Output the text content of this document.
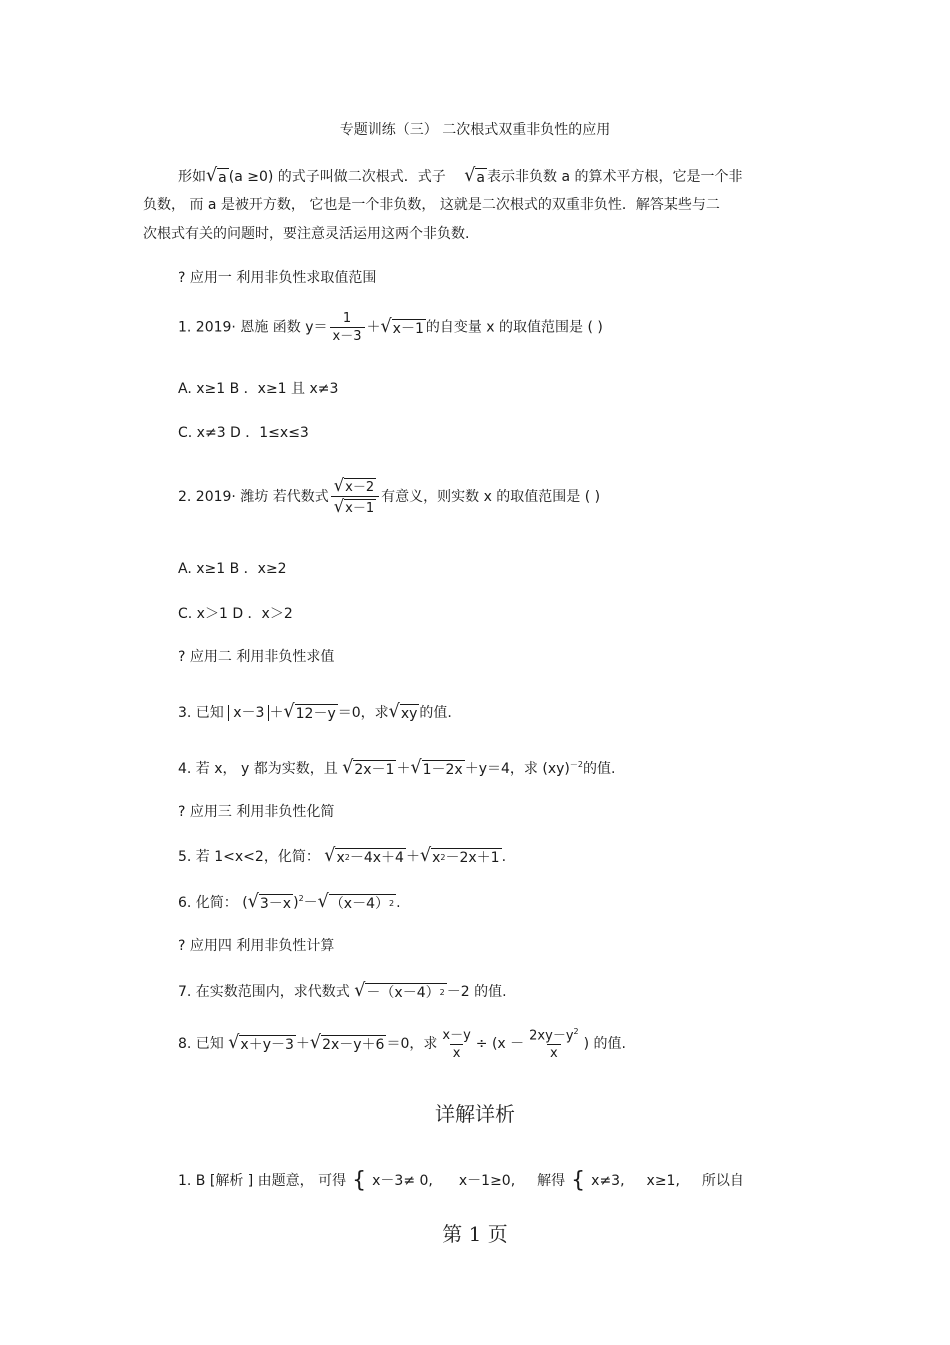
专题训练（三） 二次根式双重非负性的应用
形如 √ a (a ≥0) 的式子叫做二次根式．式子 √ a 表示非负数 a 的算术平方根，它是一个非
负数， 而 a 是被开方数， 它也是一个非负数， 这就是二次根式的双重非负性．解答某些与二
次根式有关的问题时，要注意灵活运用这两个非负数.
? 应用一 利用非负性求取值范围
1. 2019· 恩施 函数 $y= \frac{1}{x-3}$ ＋ √ x－1 的自变量 x 的取值范围是 ( )
A. x≥1 B ．x≥1 且 x≠3
C. x≠3 D ．1≤x≤3
2. 2019· 潍坊 若代数式 $\frac{√ x-2}{√ x-1}$ 有意义，则实数 x 的取值范围是 ( )
A. x≥1 B ．x≥2
C. x＞1 D ．x＞2
? 应用二 利用非负性求值
3. 已知 x－3 ＋ √ 12－y ＝0，求 √ xy 的值.
4. 若 x， y 都为实数，且 √ 2x－1 ＋ √ 1－2x ＋y＝4，求 (xy)$^{-2}$的值.
? 应用三 利用非负性化简
5. 若 1<x<2，化简： √ x 2 －4x＋4 ＋ √ x 2 －2x＋1 .
6. 化简： ( √ 3－x )$^2$－ √ （x－4） 2 .
? 应用四 利用非负性计算
7. 在实数范围内，求代数式 √ －（x－4） 2 －2 的值.
8. 已知 √ x＋y－3 ＋ √ 2x－y＋6 ＝0，求 $\frac{x-y}{x} \div (x - \frac{2xy-y^2}{x}$ ) 的值.
详解详析
1. B [解析 ] 由题意， 可得 { x－3≠ 0, x－1≥0, 解得 { x≠3, x≥1, 所以自
第 1 页
